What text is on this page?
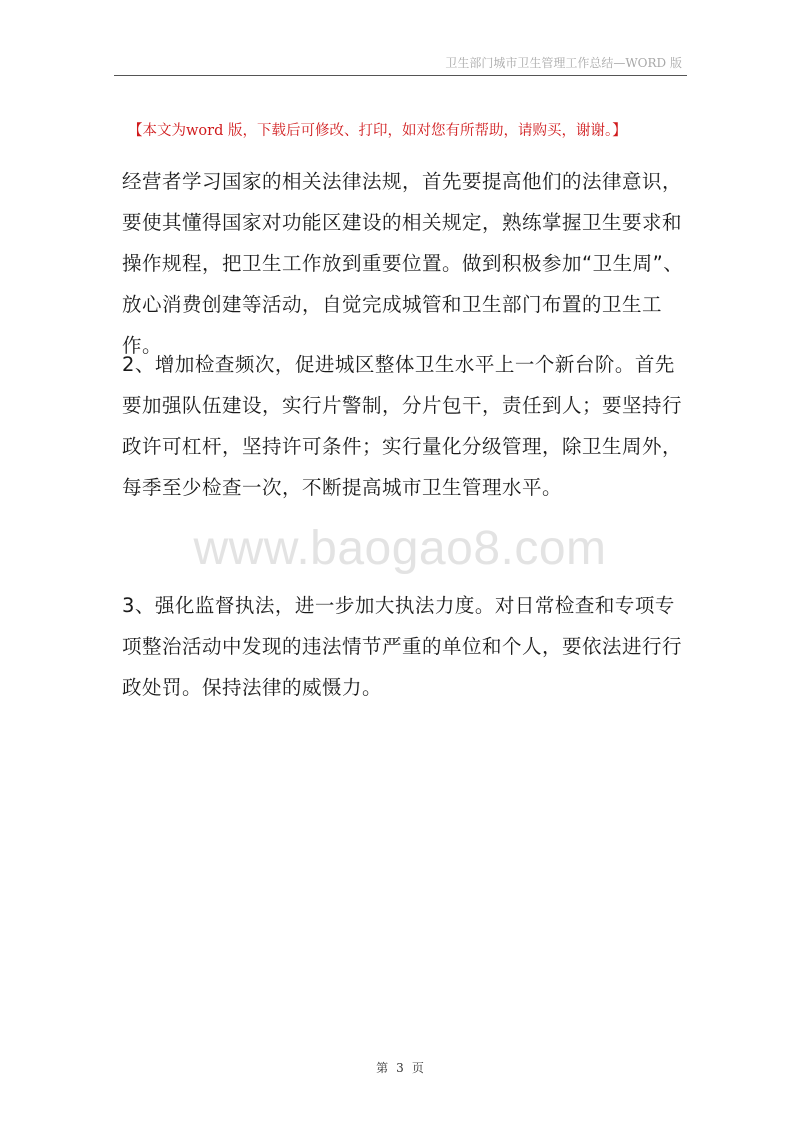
卫生部门城市卫生管理工作总结—WORD 版
【本文为word 版，下载后可修改、打印，如对您有所帮助，请购买，谢谢。】

经营者学习国家的相关法律法规，首先要提高他们的法律意识，要使其懂得国家对功能区建设的相关规定，熟练掌握卫生要求和操作规程，把卫生工作放到重要位置。做到积极参加“卫生周”、放心消费创建等活动，自觉完成城管和卫生部门布置的卫生工作。

2、增加检查频次，促进城区整体卫生水平上一个新台阶。首先要加强队伍建设，实行片警制，分片包干，责任到人；要坚持行政许可杠杆，坚持许可条件；实行量化分级管理，除卫生周外，每季至少检查一次，不断提高城市卫生管理水平。

www.baogao8.com

3、强化监督执法，进一步加大执法力度。对日常检查和专项专项整治活动中发现的违法情节严重的单位和个人，要依法进行行政处罚。保持法律的威慑力。

第 3 页
